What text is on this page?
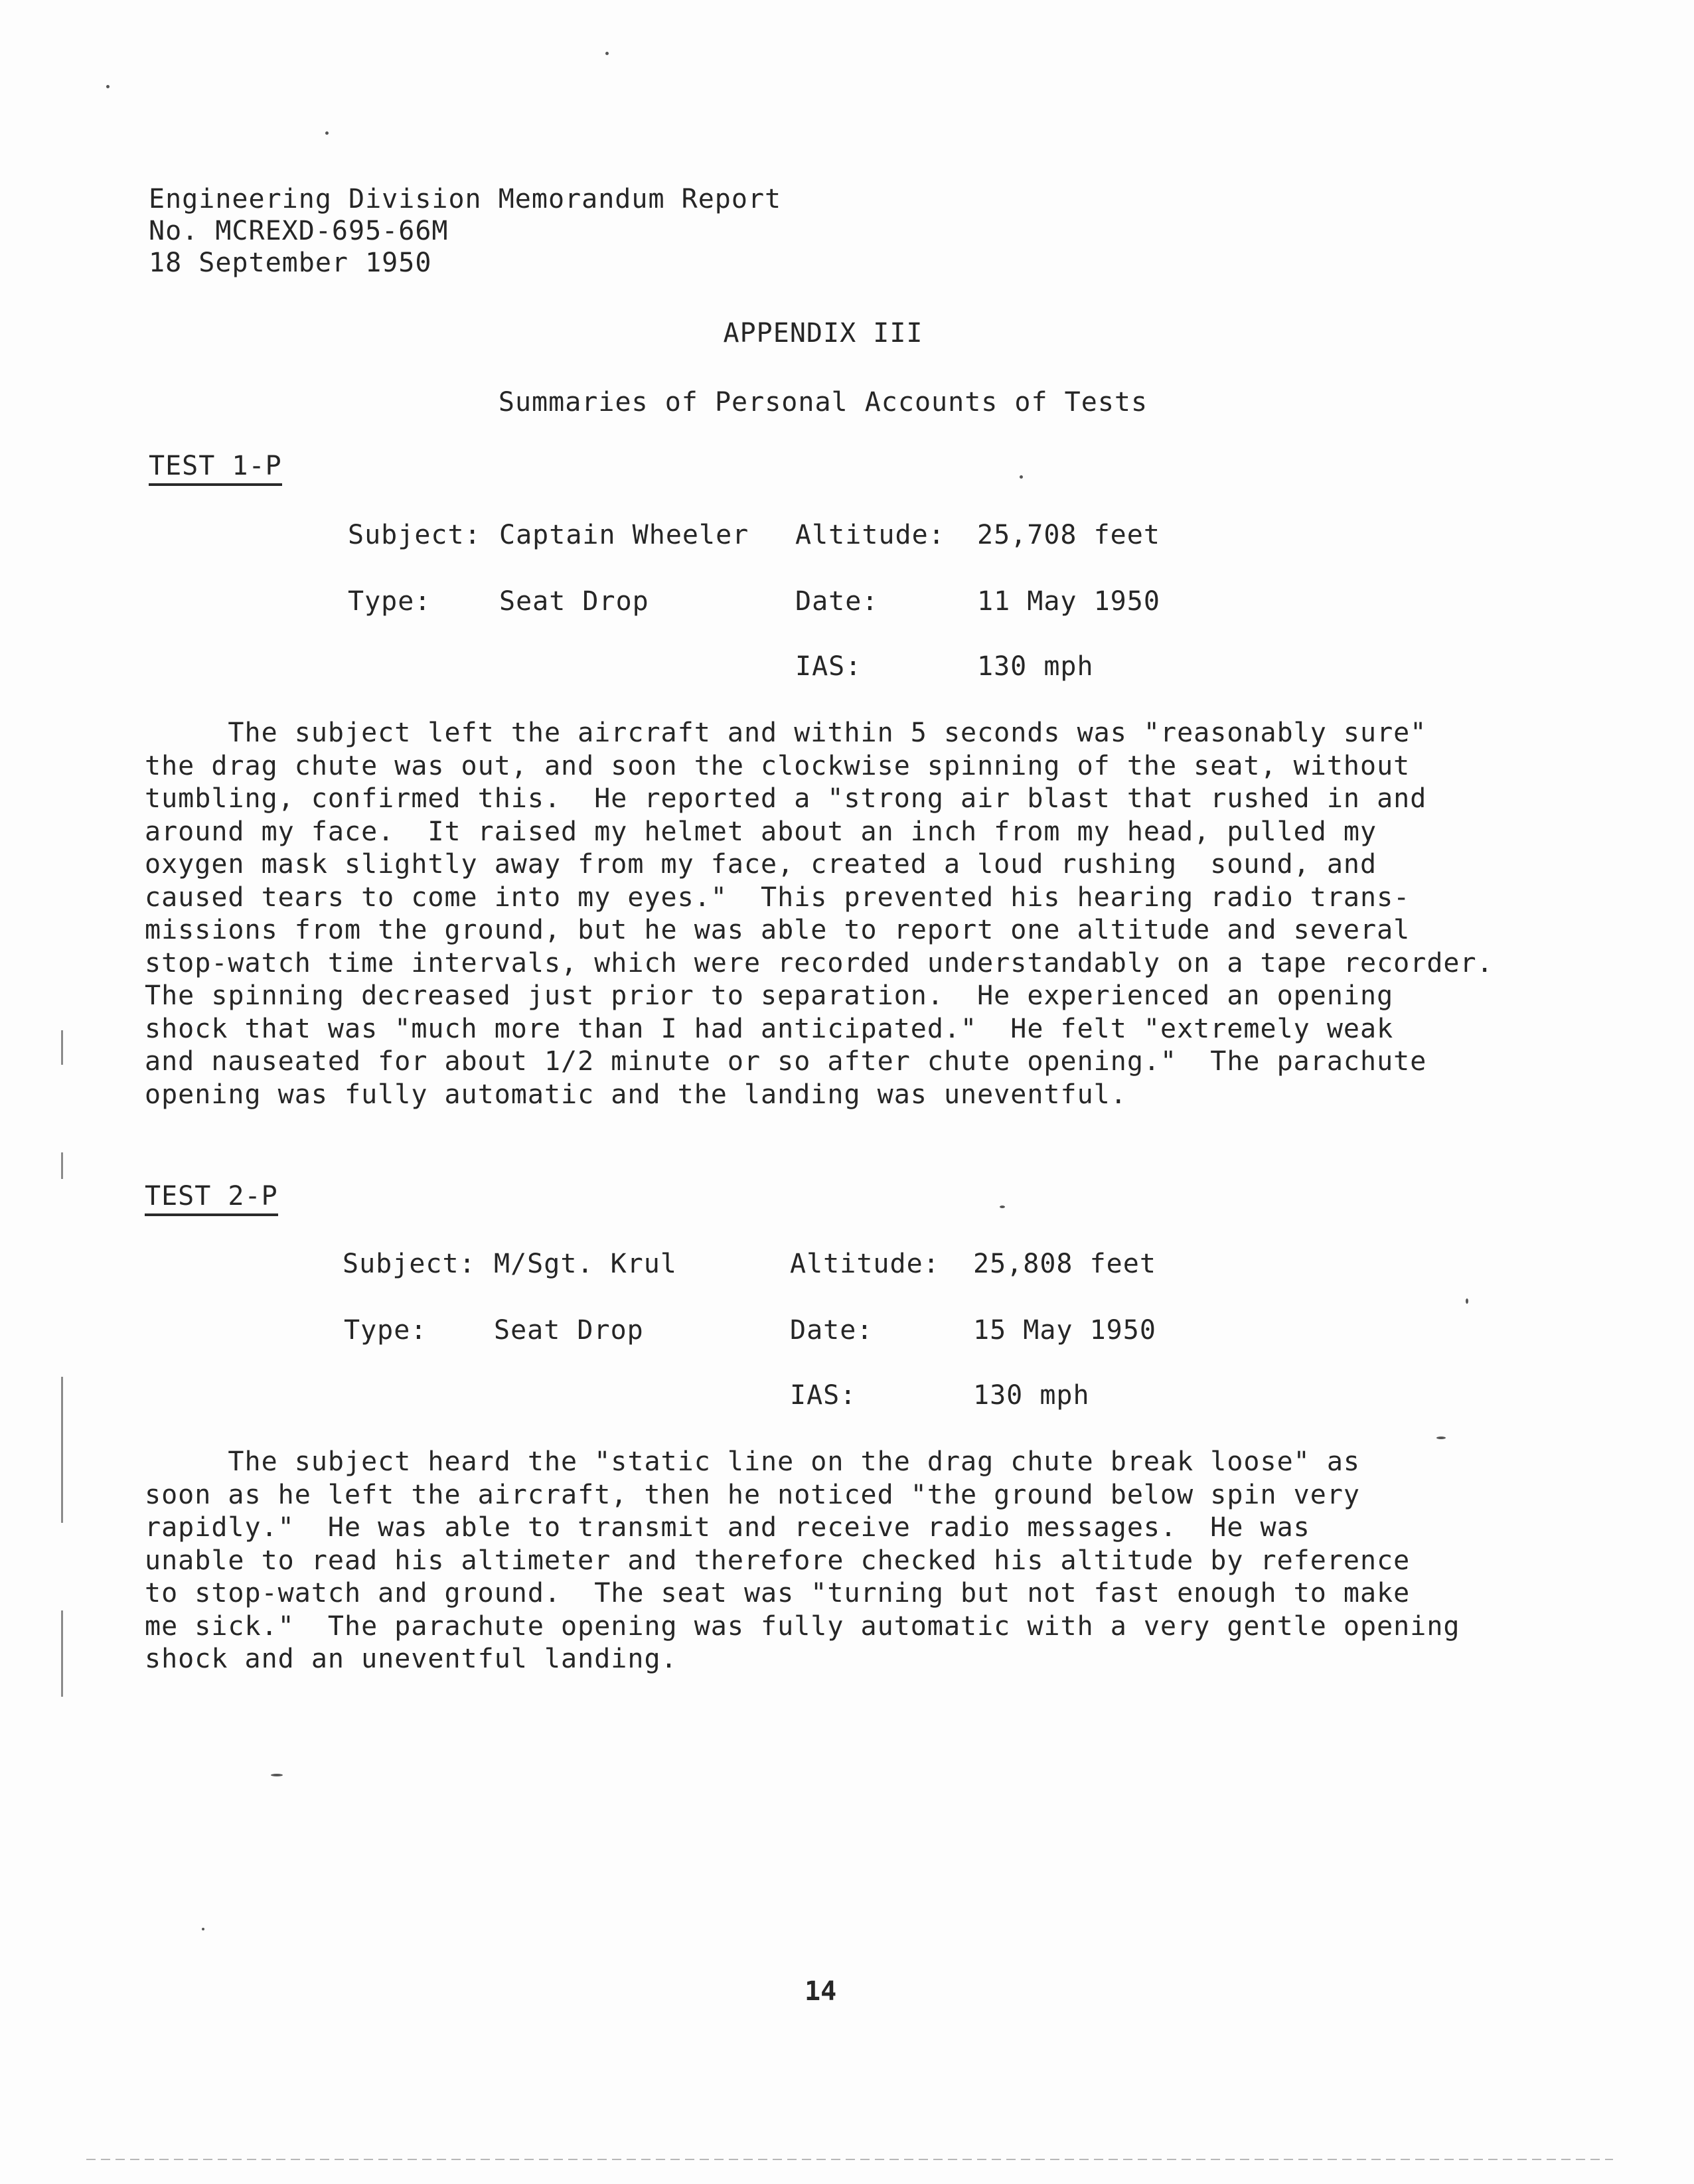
Engineering Division Memorandum Report
No. MCREXD-695-66M
18 September 1950
APPENDIX III
Summaries of Personal Accounts of Tests
TEST 1-P
Subject: Captain Wheeler Altitude: 25,708 feet
Type:	Seat Drop	Date:	11 May 1950
IAS:	130 mph
The subject left the aircraft and within 5 seconds was "reasonably sure"
the drag chute was out, and soon the clockwise spinning of the seat, without
tumbling, confirmed this.  He reported a "strong air blast that rushed in and
around my face.  It raised my helmet about an inch from my head, pulled my
oxygen mask slightly away from my face, created a loud rushing  sound, and
caused tears to come into my eyes."  This prevented his hearing radio trans-
missions from the ground, but he was able to report one altitude and several
stop-watch time intervals, which were recorded understandably on a tape recorder.
The spinning decreased just prior to separation.  He experienced an opening
shock that was "much more than I had anticipated."  He felt "extremely weak
and nauseated for about 1/2 minute or so after chute opening."  The parachute
opening was fully automatic and the landing was uneventful.
TEST 2-P
Subject: M/Sgt. Krul	Altitude: 25,808 feet
Type:	Seat Drop	Date:	15 May 1950
IAS:	130 mph
The subject heard the "static line on the drag chute break loose" as
soon as he left the aircraft, then he noticed "the ground below spin very
rapidly."  He was able to transmit and receive radio messages.  He was
unable to read his altimeter and therefore checked his altitude by reference
to stop-watch and ground.  The seat was "turning but not fast enough to make
me sick."  The parachute opening was fully automatic with a very gentle opening
shock and an uneventful landing.
14
